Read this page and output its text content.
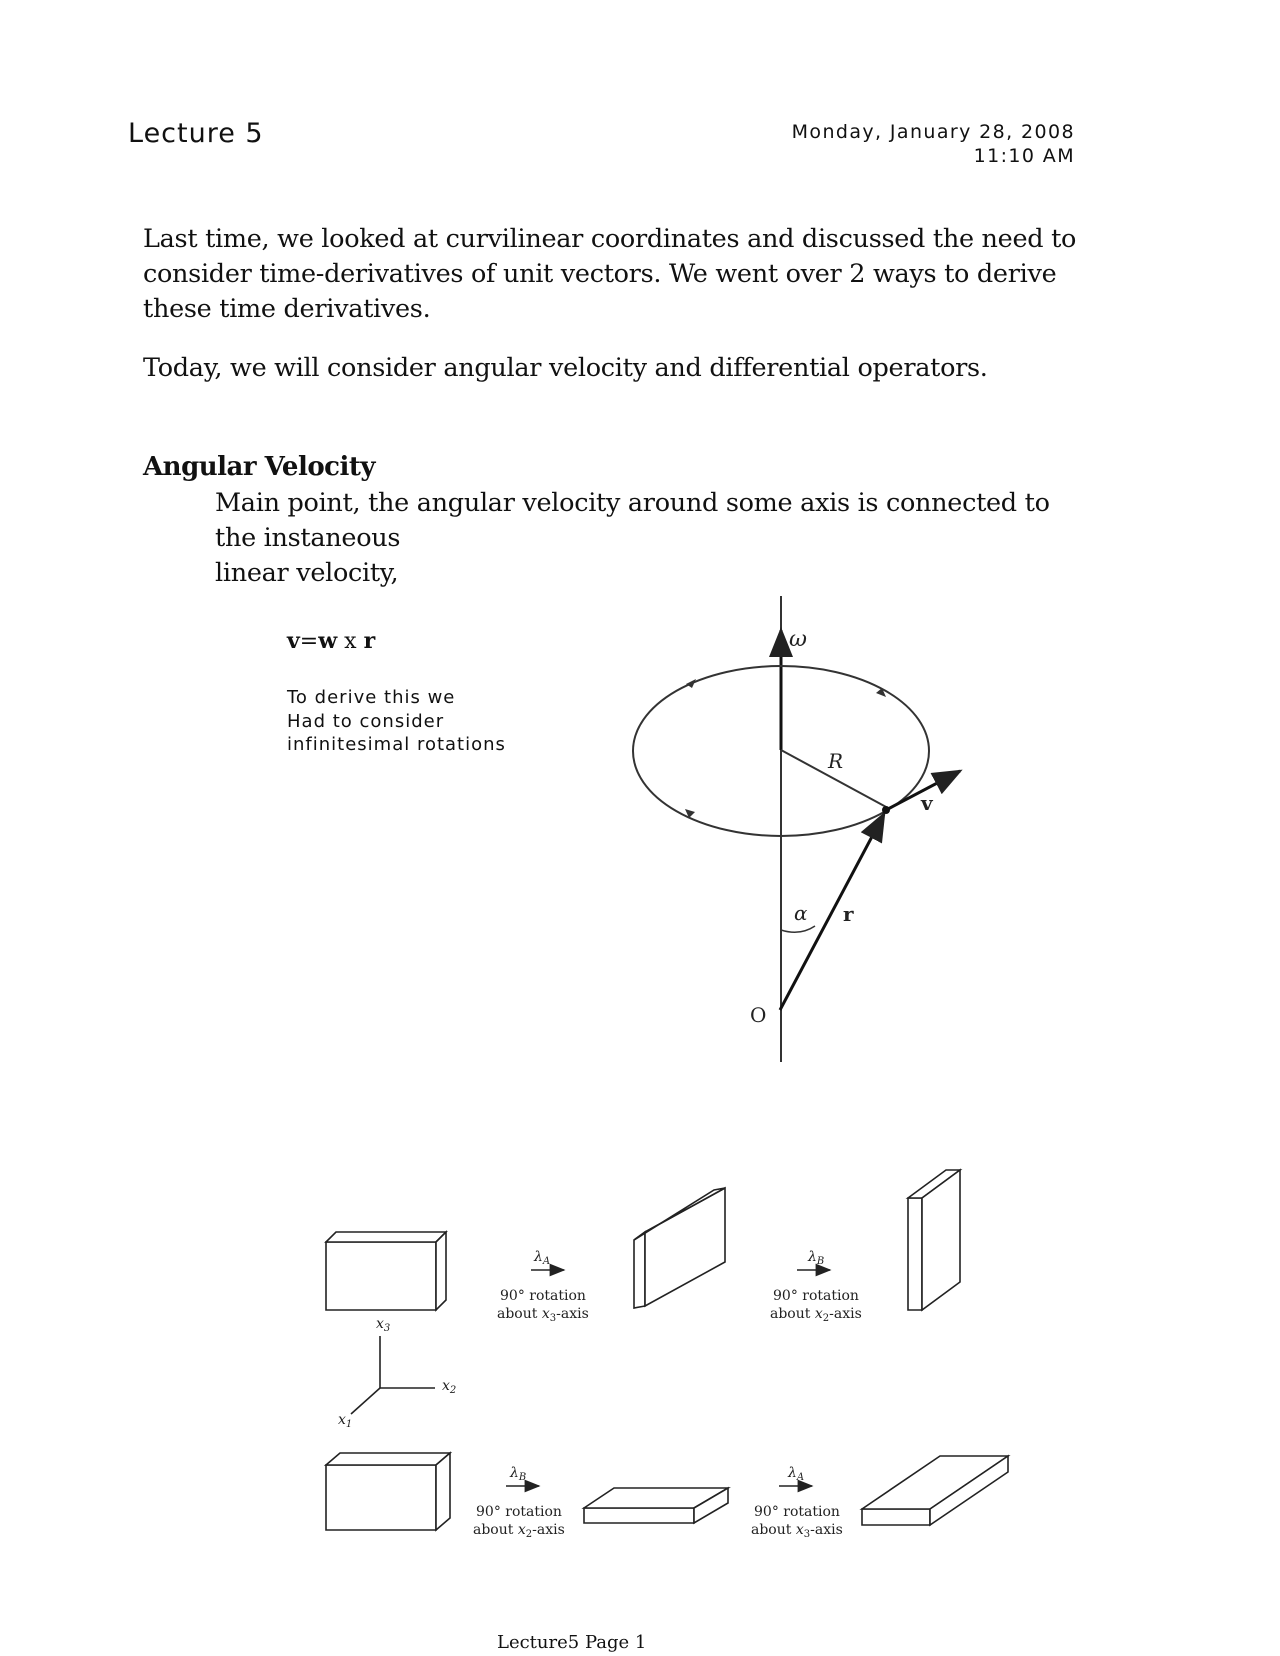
Lecture 5	Monday, January 28, 2008
11:10 AM
Last time, we looked at curvilinear coordinates and discussed the need to consider time-derivatives of unit vectors. We went over 2 ways to derive these time derivatives.
Today, we will consider angular velocity and differential operators.
Angular Velocity
Main point, the angular velocity around some axis is connected to
the instaneous
linear velocity,
v=w x r
To derive this we
Had to consider
infinitesimal rotations
ω
R
v
α r
O
$x_3$
$x_2$
$x_1$
$\lambda_A$
90° rotation
about $x_3$-axis
$\lambda_B$
90° rotation
about $x_2$-axis
$\lambda_B$
90° rotation
about $x_2$-axis
$\lambda_A$
90° rotation
about $x_3$-axis
Lecture5 Page 1
